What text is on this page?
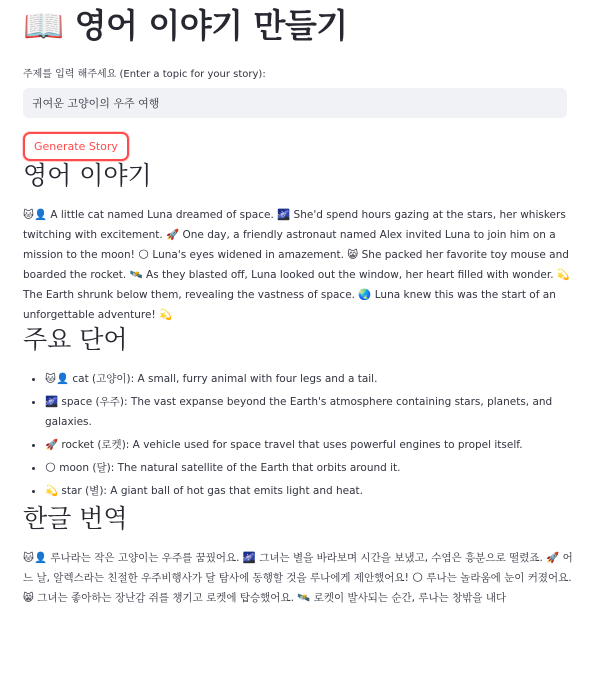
📖 영어 이야기 만들기
주제를 입력 해주세요 (Enter a topic for your story):
귀여운 고양이의 우주 여행 Generate Story
영어 이야기

🐱👤 A little cat named Luna dreamed of space. 🌌 She'd spend hours gazing at the stars, her whiskers twitching with excitement. 🚀 One day, a friendly astronaut named Alex invited Luna to join him on a mission to the moon! 🌕 Luna's eyes widened in amazement. 😸 She packed her favorite toy mouse and boarded the rocket. 🛰️ As they blasted off, Luna looked out the window, her heart filled with wonder. 💫 The Earth shrunk below them, revealing the vastness of space. 🌏 Luna knew this was the start of an unforgettable adventure! 💫

주요 단어
• 🐱👤 cat (고양이): A small, furry animal with four legs and a tail.
• 🌌 space (우주): The vast expanse beyond the Earth's atmosphere containing stars, planets, and galaxies.
• 🚀 rocket (로켓): A vehicle used for space travel that uses powerful engines to propel itself.
• 🌕 moon (달): The natural satellite of the Earth that orbits around it.
• 💫 star (별): A giant ball of hot gas that emits light and heat.
한글 번역

🐱👤 루나라는 작은 고양이는 우주를 꿈꿨어요. 🌌 그녀는 별을 바라보며 시간을 보냈고, 수염은 흥분으로 떨렸죠. 🚀 어느 날, 알렉스라는 친절한 우주비행사가 달 탐사에 동행할 것을 루나에게 제안했어요! 🌕 루나는 놀라움에 눈이 커졌어요. 😸 그녀는 좋아하는 장난감 쥐를 챙기고 로켓에 탑승했어요. 🛰️ 로켓이 발사되는 순간, 루나는 창밖을 내다
